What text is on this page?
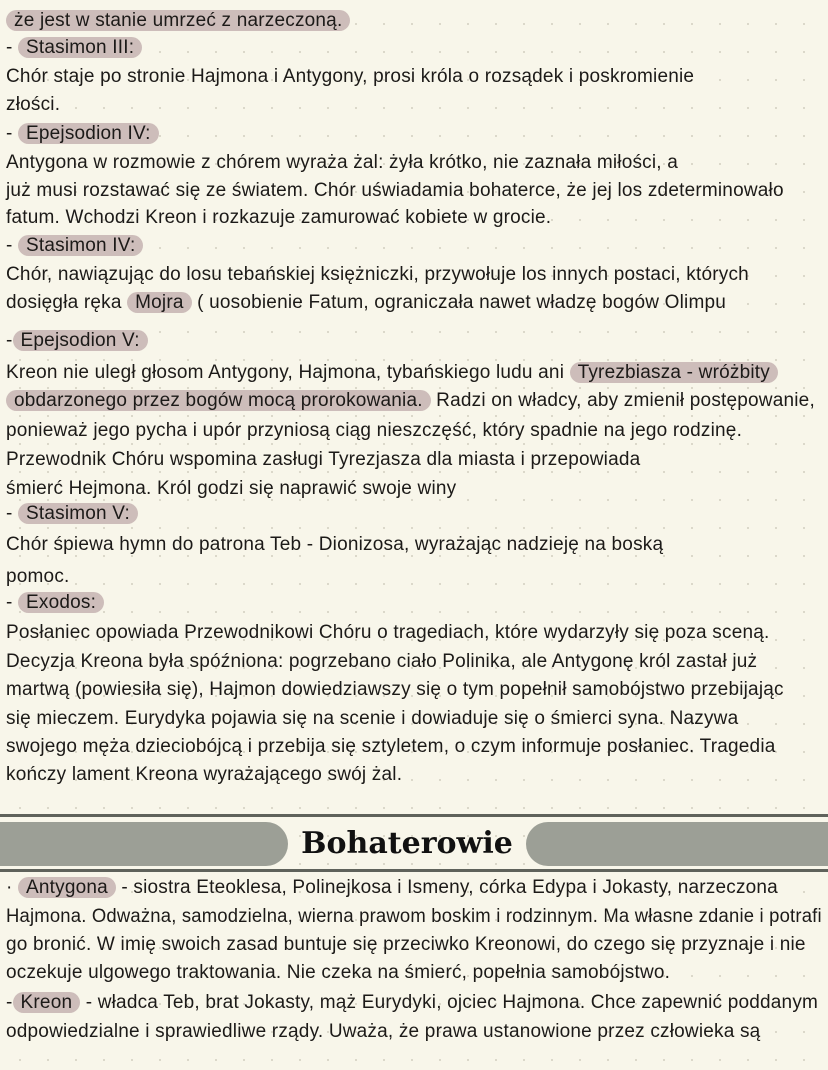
że jest w stanie umrzeć z narzeczoną.
- Stasimon III:
Chór staje po stronie Hajmona i Antygony, prosi króla o rozsądek i poskromienie
złości.
- Epejsodion IV:
Antygona w rozmowie z chórem wyraża żal: żyła krótko, nie zaznała miłości, a
już musi rozstawać się ze światem. Chór uświadamia bohaterce, że jej los zdeterminowało
fatum. Wchodzi Kreon i rozkazuje zamurować kobiete w grocie.
- Stasimon IV:
Chór, nawiązując do losu tebańskiej księżniczki, przywołuje los innych postaci, których
dosięgła ręka Mojra ( uosobienie Fatum, ograniczała nawet władzę bogów Olimpu
- Epejsodion V:
Kreon nie uległ głosom Antygony, Hajmona, tybańskiego ludu ani Tyrezbiasza - wróżbity
obdarzonego przez bogów mocą prorokowania. Radzi on władcy, aby zmienił postępowanie,
ponieważ jego pycha i upór przyniosą ciąg nieszczęść, który spadnie na jego rodzinę.
Przewodnik Chóru wspomina zasługi Tyrezjasza dla miasta i przepowiada
śmierć Hejmona. Król godzi się naprawić swoje winy
- Stasimon V:
Chór śpiewa hymn do patrona Teb - Dionizosa, wyrażając nadzieję na boską
pomoc.
- Exodos:
Posłaniec opowiada Przewodnikowi Chóru o tragediach, które wydarzyły się poza sceną.
Decyzja Kreona była spóźniona: pogrzebano ciało Polinika, ale Antygonę król zastał już
martwą (powiesiła się), Hajmon dowiedziawszy się o tym popełnił samobójstwo przebijając
się mieczem. Eurydyka pojawia się na scenie i dowiaduje się o śmierci syna. Nazywa
swojego męża dzieciobójcą i przebija się sztyletem, o czym informuje posłaniec. Tragedia
kończy lament Kreona wyrażającego swój żal.
· Antygona - siostra Eteoklesa, Polinejkosa i Ismeny, córka Edypa i Jokasty, narzeczona
Hajmona. Odważna, samodzielna, wierna prawom boskim i rodzinnym. Ma własne zdanie i potrafi
go bronić. W imię swoich zasad buntuje się przeciwko Kreonowi, do czego się przyznaje i nie
oczekuje ulgowego traktowania. Nie czeka na śmierć, popełnia samobójstwo.
- Kreon - władca Teb, brat Jokasty, mąż Eurydyki, ojciec Hajmona. Chce zapewnić poddanym
odpowiedzialne i sprawiedliwe rządy. Uważa, że prawa ustanowione przez człowieka są
Bohaterowie
